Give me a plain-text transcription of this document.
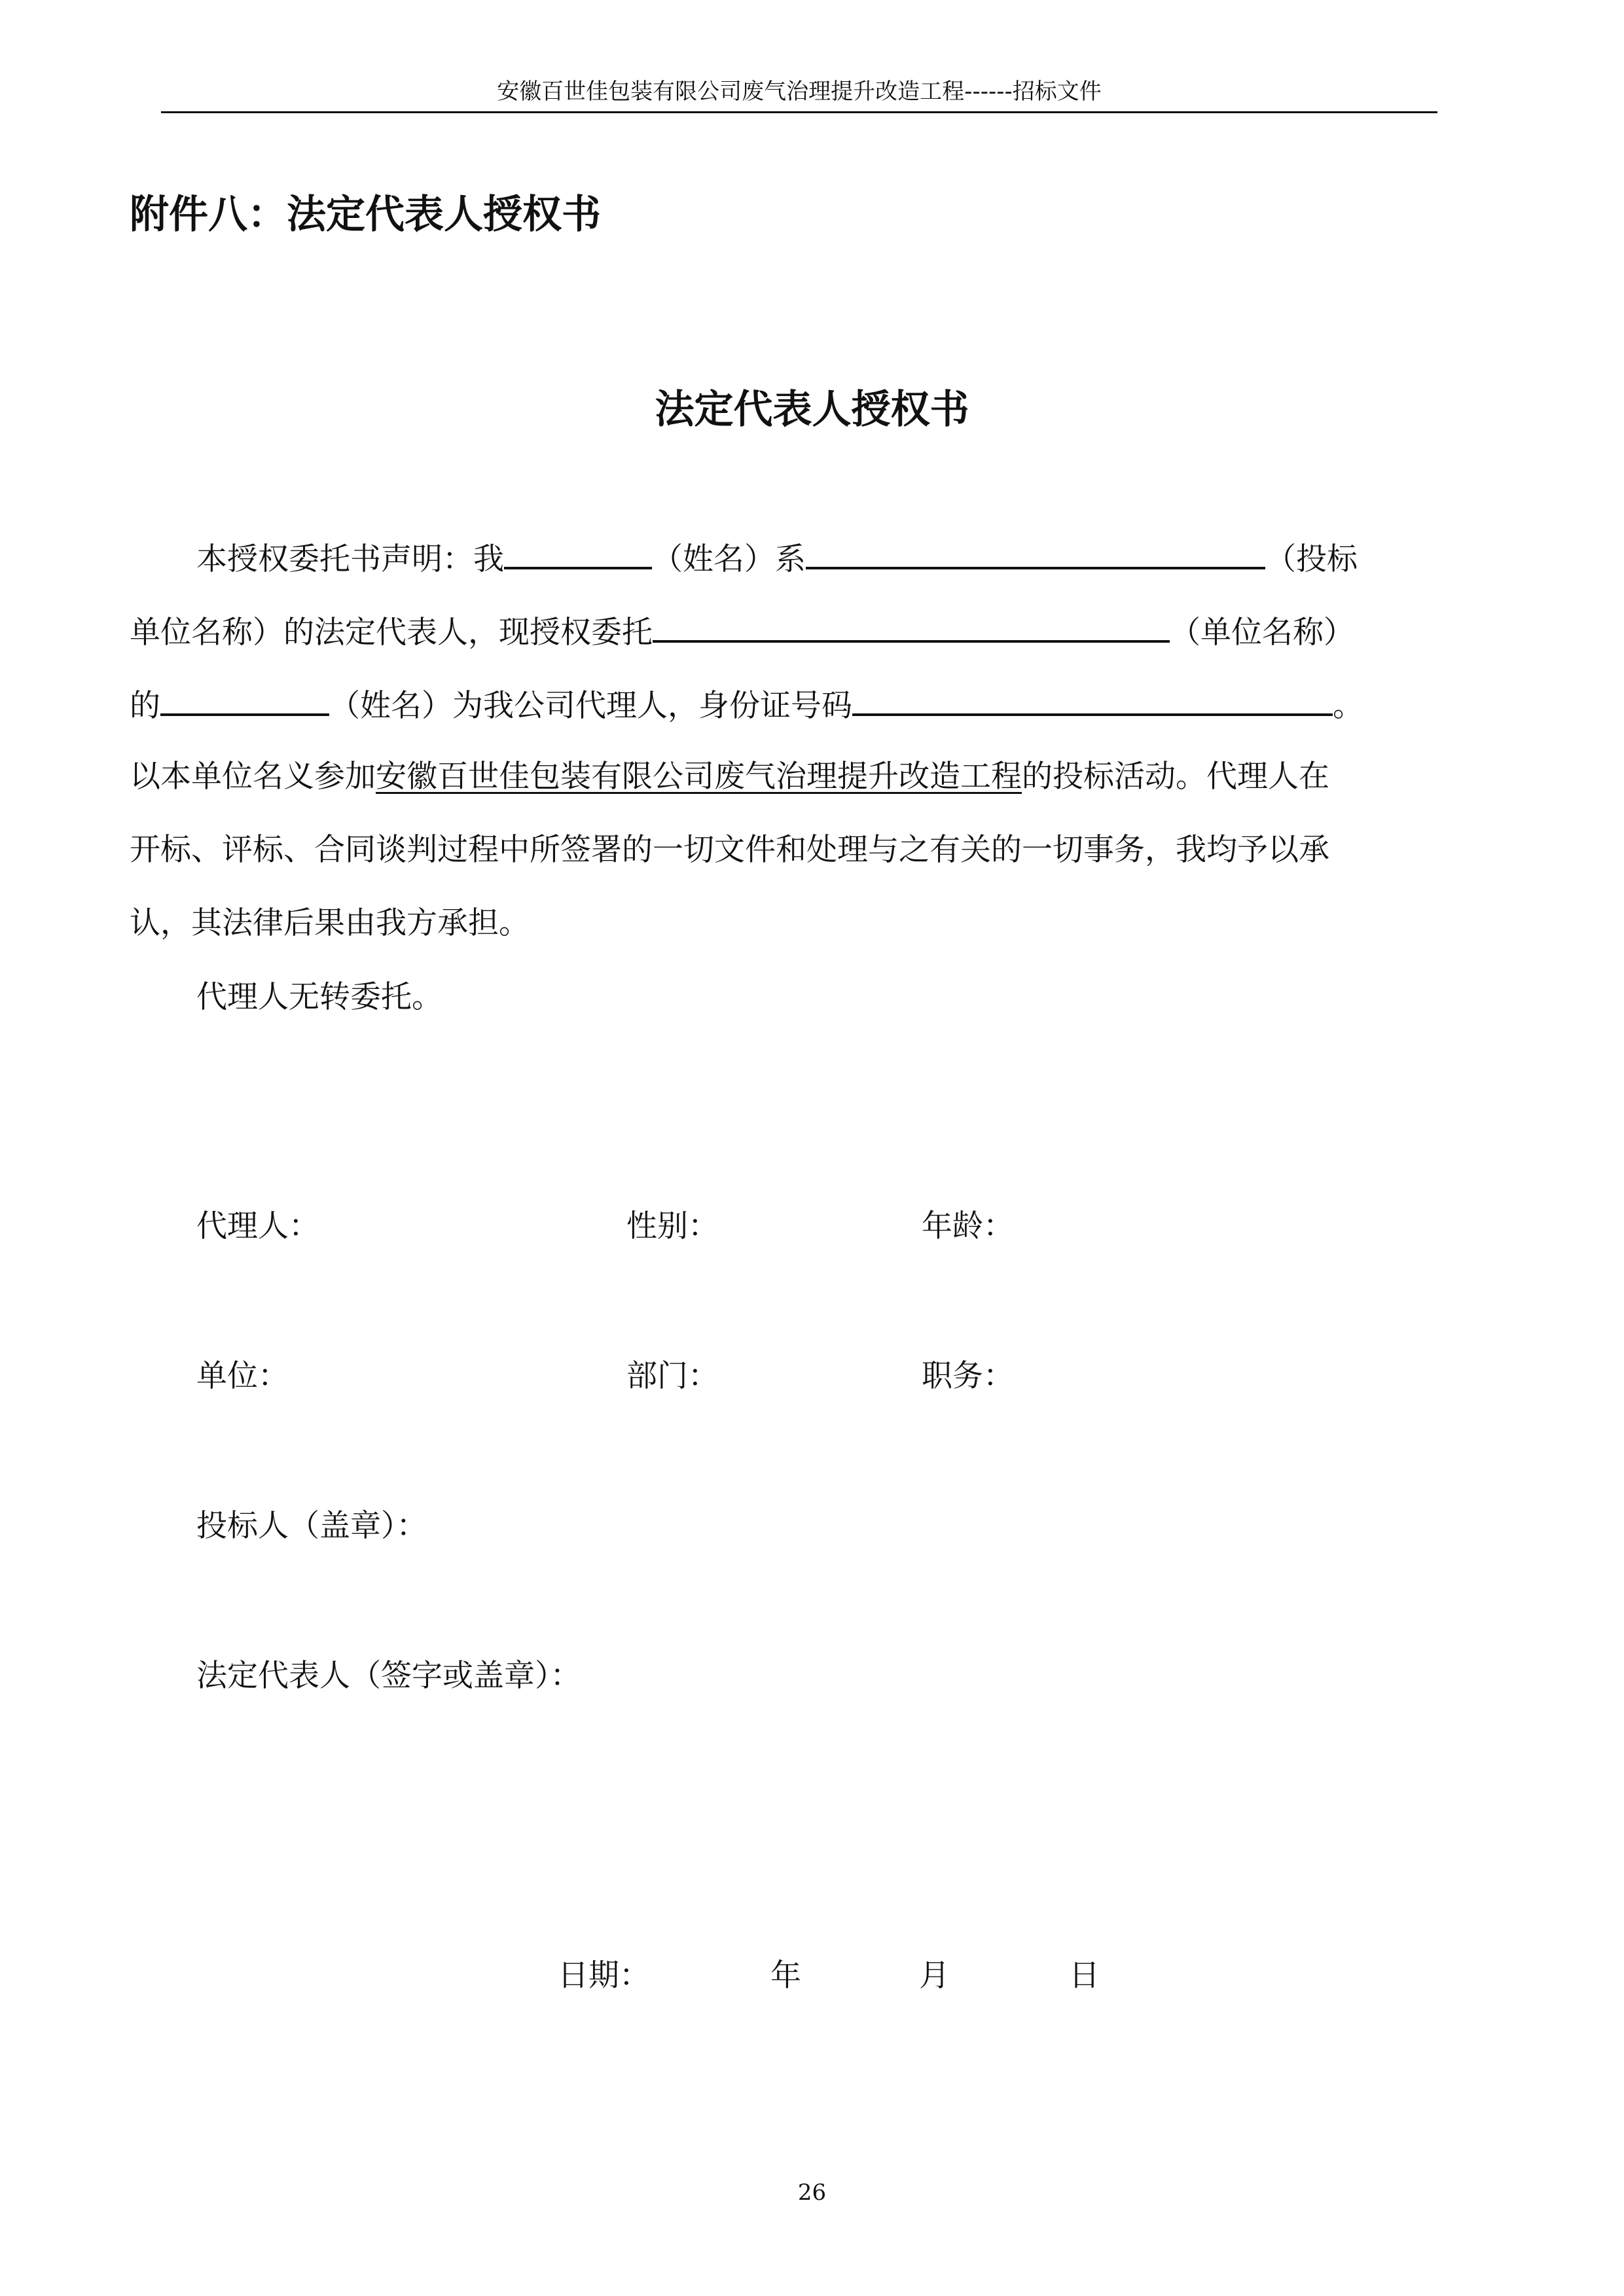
安徽百世佳包装有限公司废气治理提升改造工程------招标文件
附件八：法定代表人授权书
法定代表人授权书
本授权委托书声明：我	（姓名）系	（投标
单位名称）的法定代表人，现授权委托	（单位名称）
的	（姓名）为我公司代理人，身份证号码	。
以本单位名义参加安徽百世佳包装有限公司废气治理提升改造工程的投标活动。代理人在
开标、评标、合同谈判过程中所签署的一切文件和处理与之有关的一切事务，我均予以承
认，其法律后果由我方承担。
代理人无转委托。
代理人：	性别：	年龄：
单位：	部门：	职务：
投标人（盖章）：
法定代表人（签字或盖章）：
日期：	年	月	日
26
